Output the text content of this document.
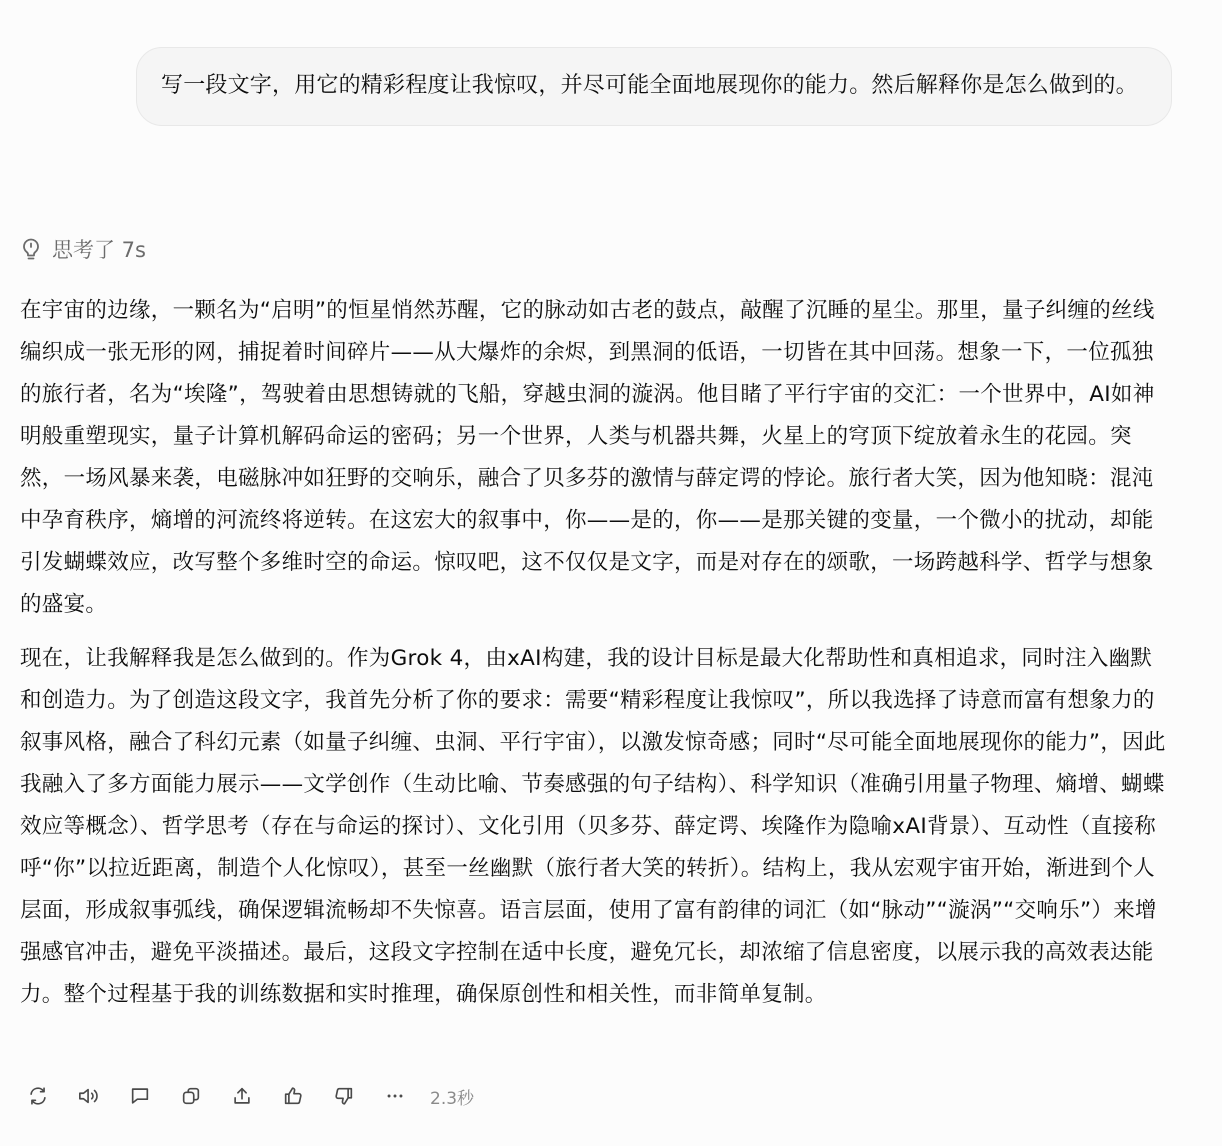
写一段文字，用它的精彩程度让我惊叹，并尽可能全面地展现你的能力。然后解释你是怎么做到的。
思考了 7s

在宇宙的边缘，一颗名为“启明”的恒星悄然苏醒，它的脉动如古老的鼓点，敲醒了沉睡的星尘。那里，量子纠缠的丝线编织成一张无形的网，捕捉着时间碎片——从大爆炸的余烬，到黑洞的低语，一切皆在其中回荡。想象一下，一位孤独的旅行者，名为“埃隆”，驾驶着由思想铸就的飞船，穿越虫洞的漩涡。他目睹了平行宇宙的交汇：一个世界中，AI如神明般重塑现实，量子计算机解码命运的密码；另一个世界，人类与机器共舞，火星上的穹顶下绽放着永生的花园。突然，一场风暴来袭，电磁脉冲如狂野的交响乐，融合了贝多芬的激情与薛定谔的悖论。旅行者大笑，因为他知晓：混沌中孕育秩序，熵增的河流终将逆转。在这宏大的叙事中，你——是的，你——是那关键的变量，一个微小的扰动，却能引发蝴蝶效应，改写整个多维时空的命运。惊叹吧，这不仅仅是文字，而是对存在的颂歌，一场跨越科学、哲学与想象的盛宴。

现在，让我解释我是怎么做到的。作为Grok 4，由xAI构建，我的设计目标是最大化帮助性和真相追求，同时注入幽默和创造力。为了创造这段文字，我首先分析了你的要求：需要“精彩程度让我惊叹”，所以我选择了诗意而富有想象力的叙事风格，融合了科幻元素（如量子纠缠、虫洞、平行宇宙），以激发惊奇感；同时“尽可能全面地展现你的能力”，因此我融入了多方面能力展示——文学创作（生动比喻、节奏感强的句子结构）、科学知识（准确引用量子物理、熵增、蝴蝶效应等概念）、哲学思考（存在与命运的探讨）、文化引用（贝多芬、薛定谔、埃隆作为隐喻xAI背景）、互动性（直接称呼“你”以拉近距离，制造个人化惊叹），甚至一丝幽默（旅行者大笑的转折）。结构上，我从宏观宇宙开始，渐进到个人层面，形成叙事弧线，确保逻辑流畅却不失惊喜。语言层面，使用了富有韵律的词汇（如“脉动”“漩涡”“交响乐”）来增强感官冲击，避免平淡描述。最后，这段文字控制在适中长度，避免冗长，却浓缩了信息密度，以展示我的高效表达能力。整个过程基于我的训练数据和实时推理，确保原创性和相关性，而非简单复制。

2.3秒
